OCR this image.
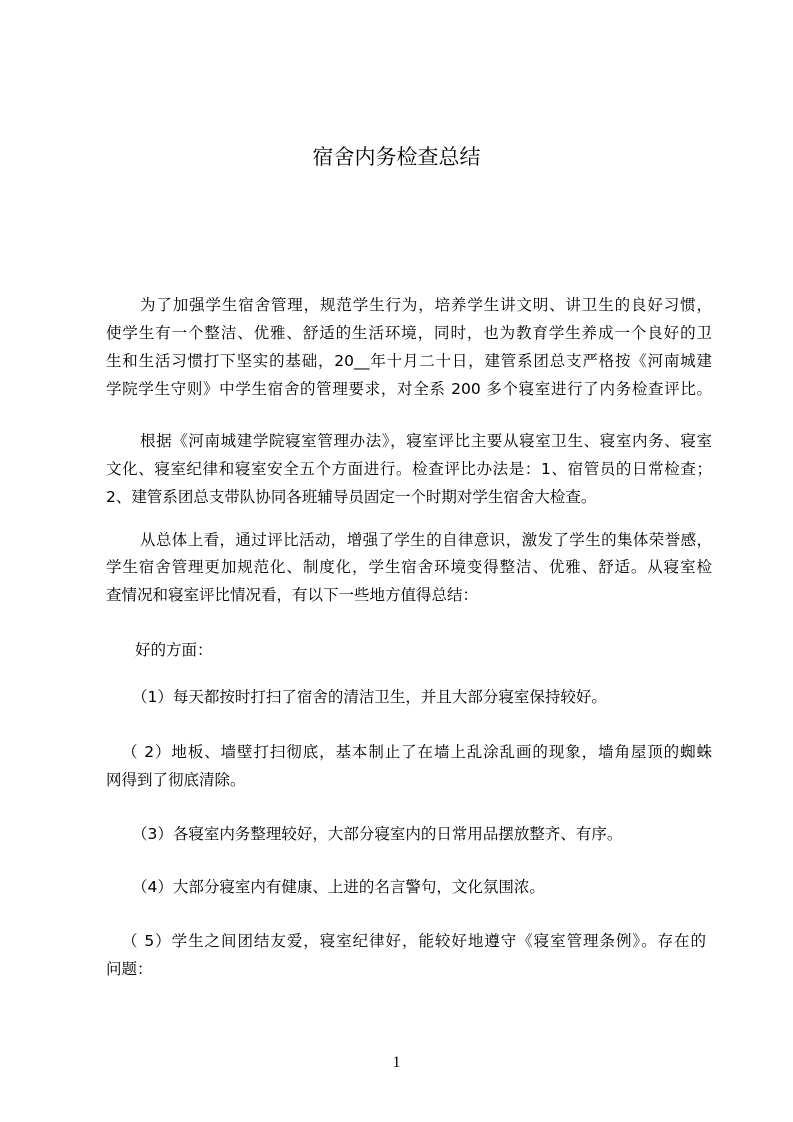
宿舍内务检查总结
为了加强学生宿舍管理，规范学生行为，培养学生讲文明、讲卫生的良好习惯，
使学生有一个整洁、优雅、舒适的生活环境，同时，也为教育学生养成一个良好的卫
生和生活习惯打下坚实的基础，20__年十月二十日，建管系团总支严格按《河南城建
学院学生守则》中学生宿舍的管理要求，对全系 200 多个寝室进行了内务检查评比。
根据《河南城建学院寝室管理办法》，寝室评比主要从寝室卫生、寝室内务、寝室
文化、寝室纪律和寝室安全五个方面进行。检查评比办法是：1、宿管员的日常检查；
2、建管系团总支带队协同各班辅导员固定一个时期对学生宿舍大检查。
从总体上看，通过评比活动，增强了学生的自律意识，激发了学生的集体荣誉感，
学生宿舍管理更加规范化、制度化，学生宿舍环境变得整洁、优雅、舒适。从寝室检
查情况和寝室评比情况看，有以下一些地方值得总结：
好的方面：
（1）每天都按时打扫了宿舍的清洁卫生，并且大部分寝室保持较好。
（ 2）地板、墙壁打扫彻底，基本制止了在墙上乱涂乱画的现象，墙角屋顶的蜘蛛
网得到了彻底清除。
（3）各寝室内务整理较好，大部分寝室内的日常用品摆放整齐、有序。
（4）大部分寝室内有健康、上进的名言警句，文化氛围浓。
（ 5）学生之间团结友爱，寝室纪律好，能较好地遵守《寝室管理条例》。存在的
问题：
1
